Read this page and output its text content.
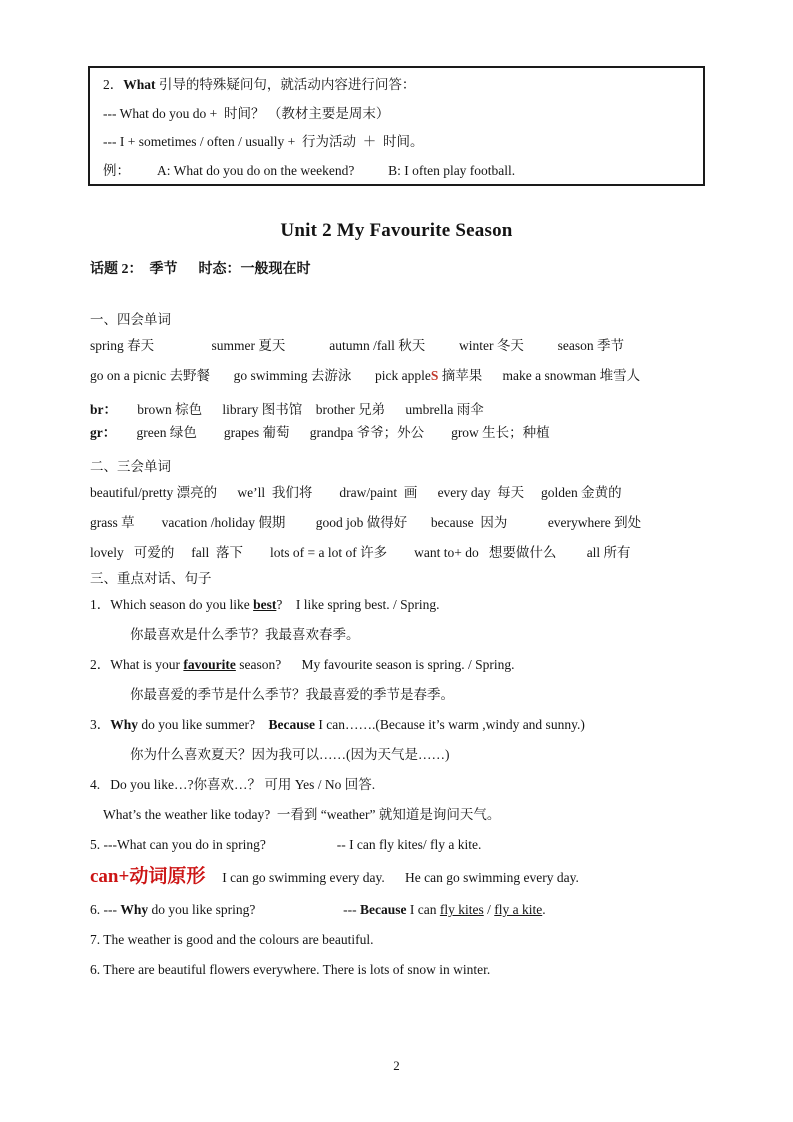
2．What 引导的特殊疑问句，就活动内容进行问答：
--- What do you do +  时间？ （教材主要是周末）
--- I + sometimes / often / usually +  行为活动  ＋  时间。
例：        A: What do you do on the weekend?          B: I often play football.
Unit 2 My Favourite Season
话题 2：  季节      时态：一般现在时
一、四会单词
spring 春天                 summer 夏天             autumn /fall 秋天          winter 冬天          season 季节
go on a picnic 去野餐       go swimming 去游泳       pick appleS 摘苹果      make a snowman 堆雪人
br：      brown 棕色      library 图书馆    brother 兄弟      umbrella 雨伞
gr：      green 绿色        grapes 葡萄      grandpa 爷爷；外公        grow 生长；种植
二、三会单词
beautiful/pretty 漂亮的      we’ll  我们将        draw/paint  画      every day  每天     golden 金黄的
grass 草        vacation /holiday 假期         good job 做得好       because  因为            everywhere 到处
lovely   可爱的     fall  落下        lots of = a lot of 许多        want to+ do   想要做什么         all 所有
三、重点对话、句子
1．Which season do you like best?    I like spring best. / Spring.
你最喜欢是什么季节？我最喜欢春季。
2．What is your favourite season?      My favourite season is spring. / Spring.
你最喜爱的季节是什么季节？我最喜爱的季节是春季。
3．Why do you like summer?    Because I can…….(Because it’s warm ,windy and sunny.)
你为什么喜欢夏天？因为我可以……(因为天气是……)
4.   Do you like…?你喜欢…？ 可用 Yes / No 回答.
What’s the weather like today?  一看到 “weather” 就知道是询问天气。
5. ---What can you do in spring?                     -- I can fly kites/ fly a kite.
can+动词原形     I can go swimming every day.      He can go swimming every day.
6. --- Why do you like spring?                          --- Because I can fly kites / fly a kite.
7. The weather is good and the colours are beautiful.
6. There are beautiful flowers everywhere. There is lots of snow in winter.
2
